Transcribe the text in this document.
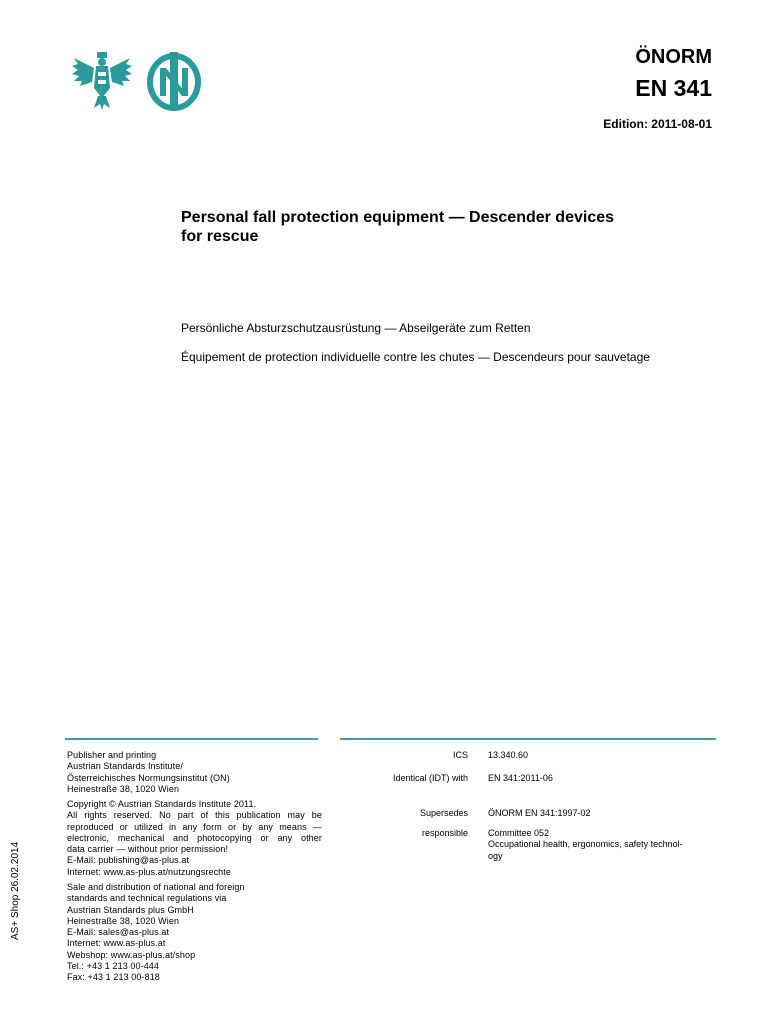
ÖNORM
EN 341
Edition: 2011-08-01
Personal fall protection equipment — Descender devices for rescue
Persönliche Absturzschutzausrüstung — Abseilgeräte zum Retten
Équipement de protection individuelle contre les chutes — Descendeurs pour sauvetage
Publisher and printing
Austrian Standards Institute/
Österreichisches Normungsinstitut (ON)
Heinestraße 38, 1020 Wien
Copyright © Austrian Standards Institute 2011.
All rights reserved. No part of this publication may be
reproduced or utilized in any form or by any means —
electronic, mechanical and photocopying or any other
data carrier — without prior permission!
E-Mail: publishing@as-plus.at
Internet: www.as-plus.at/nutzungsrechte
Sale and distribution of national and foreign
standards and technical regulations via
Austrian Standards plus GmbH
Heinestraße 38, 1020 Wien
E-Mail: sales@as-plus.at
Internet: www.as-plus.at
Webshop: www.as-plus.at/shop
Tel.: +43 1 213 00-444
Fax: +43 1 213 00-818
ICS 13.340.60
Identical (IDT) with EN 341:2011-06
Supersedes ÖNORM EN 341:1997-02
responsible Committee 052
Occupational health, ergonomics, safety technol-
ogy
AS+ Shop 26.02.2014
